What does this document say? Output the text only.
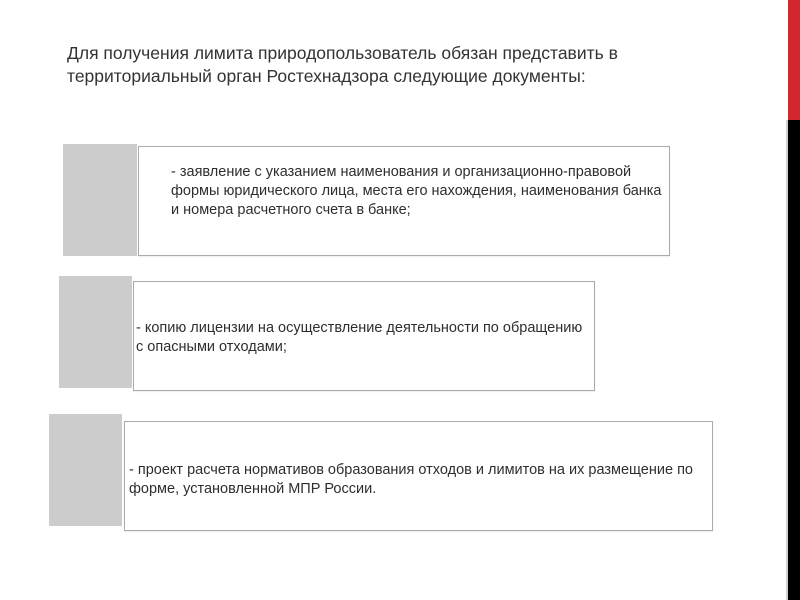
Для получения лимита природопользователь обязан представить в территориальный орган Ростехнадзора следующие документы:
- заявление с указанием наименования и организационно-правовой формы юридического лица, места его нахождения, наименования банка и номера расчетного счета в банке;
- копию лицензии на осуществление деятельности по обращению с опасными отходами;
- проект расчета нормативов образования отходов и лимитов на их размещение по форме, установленной МПР России.
